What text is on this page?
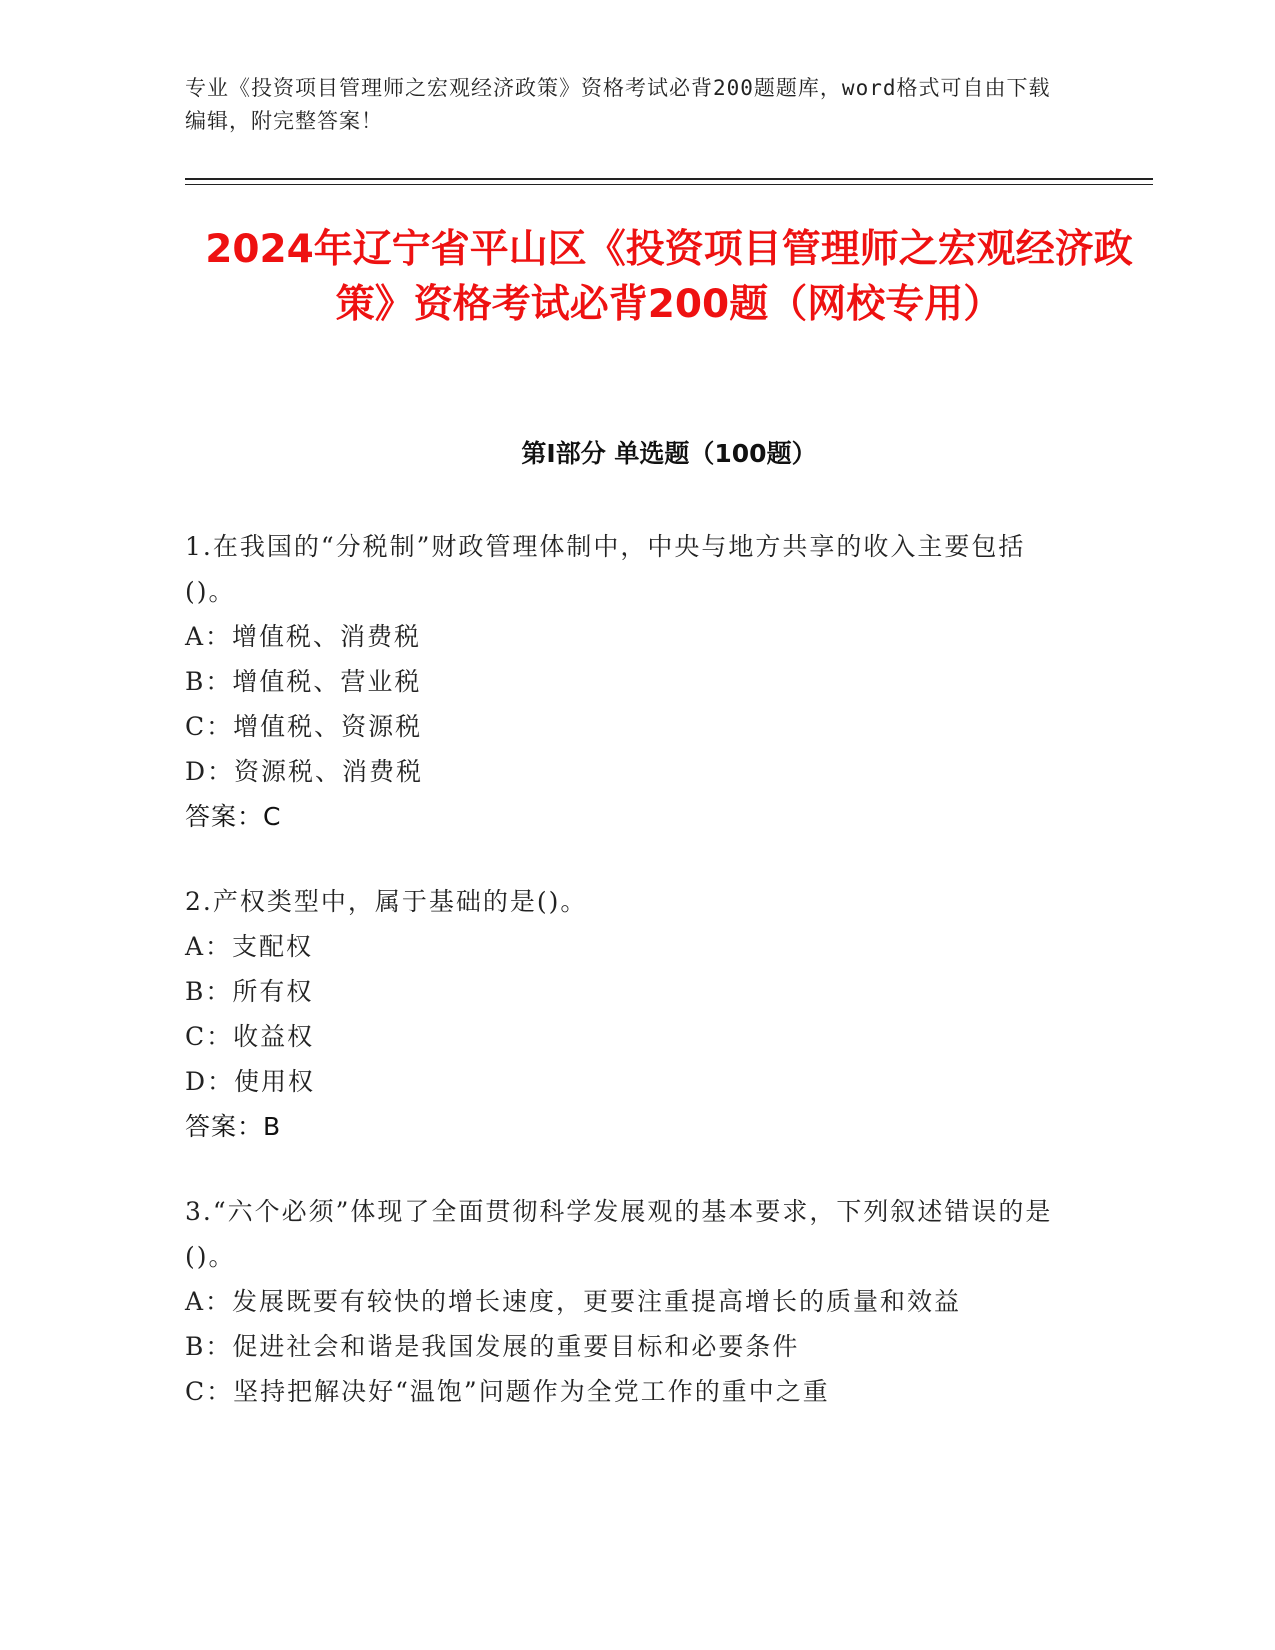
专业《投资项目管理师之宏观经济政策》资格考试必背200题题库，word格式可自由下载编辑，附完整答案！
2024年辽宁省平山区《投资项目管理师之宏观经济政策》资格考试必背200题（网校专用）
第Ⅰ部分 单选题（100题）
1.在我国的“分税制”财政管理体制中，中央与地方共享的收入主要包括()。
A：增值税、消费税
B：增值税、营业税
C：增值税、资源税
D：资源税、消费税
答案：C
2.产权类型中，属于基础的是()。
A：支配权
B：所有权
C：收益权
D：使用权
答案：B
3.“六个必须”体现了全面贯彻科学发展观的基本要求，下列叙述错误的是()。
A：发展既要有较快的增长速度，更要注重提高增长的质量和效益
B：促进社会和谐是我国发展的重要目标和必要条件
C：坚持把解决好“温饱”问题作为全党工作的重中之重
